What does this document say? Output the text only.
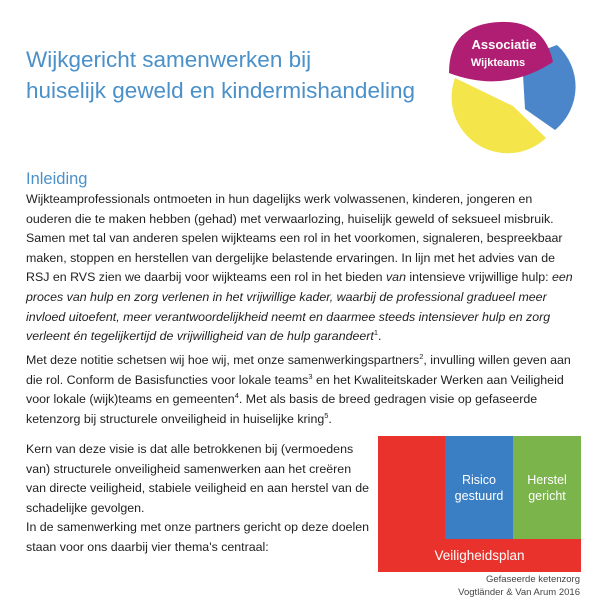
Wijkgericht samenwerken bij
huiselijk geweld en kindermishandeling
Associatie
Wijkteams
Inleiding

Wijkteamprofessionals ontmoeten in hun dagelijks werk volwassenen, kinderen, jongeren en ouderen die te maken hebben (gehad) met verwaarlozing, huiselijk geweld of seksueel misbruik. Samen met tal van anderen spelen wijkteams een rol in het voorkomen, signaleren, bespreekbaar maken, stoppen en herstellen van dergelijke belastende ervaringen. In lijn met het advies van de RSJ en RVS zien we daarbij voor wijkteams een rol in het bieden van intensieve vrijwillige hulp: een proces van hulp en zorg verlenen in het vrijwillige kader, waarbij de professional gradueel meer invloed uitoefent, meer verantwoordelijkheid neemt en daarmee steeds intensiever hulp en zorg verleent én tegelijkertijd de vrijwilligheid van de hulp garandeert$^1$.

Met deze notitie schetsen wij hoe wij, met onze samenwerkingspartners$^2$, invulling willen geven aan die rol. Conform de Basisfuncties voor lokale teams$^3$ en het Kwaliteitskader Werken aan Veiligheid voor lokale (wijk)teams en gemeenten$^4$. Met als basis de breed gedragen visie op gefaseerde ketenzorg bij structurele onveiligheid in huiselijke kring$^5$.

Kern van deze visie is dat alle betrokkenen bij (vermoedens van) structurele onveiligheid samenwerken aan het creëren van directe veiligheid, stabiele veiligheid en aan herstel van de schadelijke gevolgen.

In de samenwerking met onze partners gericht op deze doelen staan voor ons daarbij vier thema's centraal:

Risico
gestuurd
Herstel
gericht
Veiligheidsplan
Gefaseerde ketenzorg
Vogtländer & Van Arum 2016
